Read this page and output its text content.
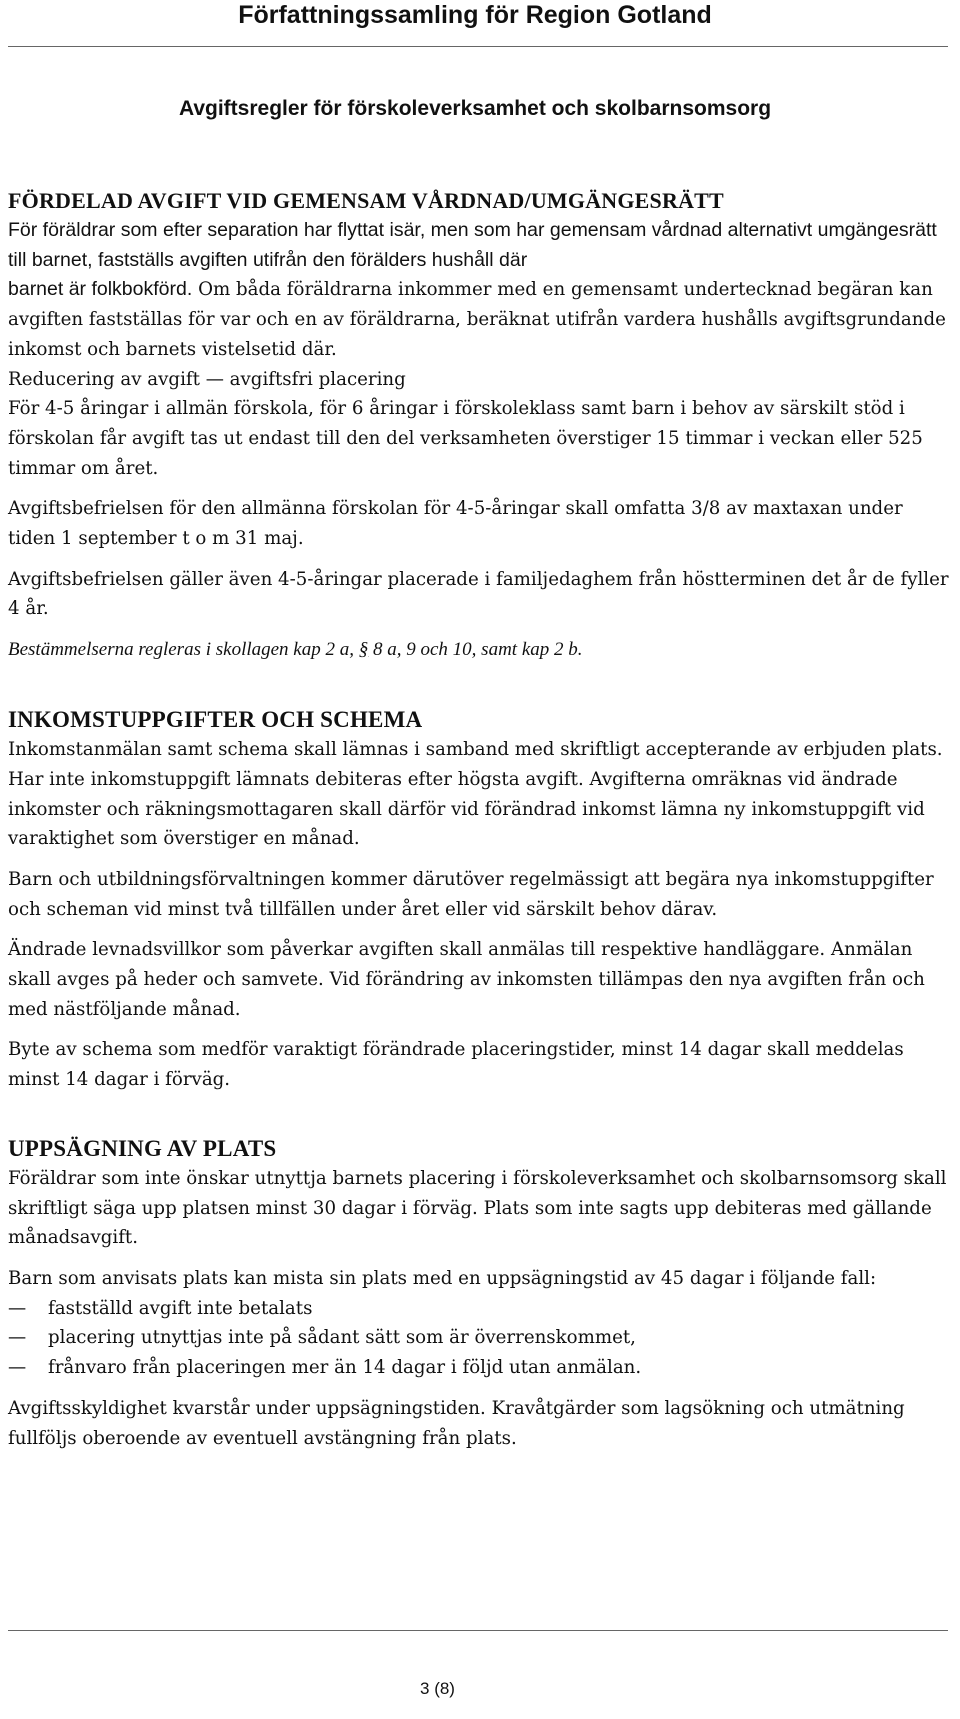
Författningssamling för Region Gotland
Avgiftsregler för förskoleverksamhet och skolbarnsomsorg
FÖRDELAD AVGIFT VID GEMENSAM VÅRDNAD/UMGÄNGESRÄTT
För föräldrar som efter separation har flyttat isär, men som har gemensam vårdnad alternativt umgängesrätt till barnet, fastställs avgiften utifrån den förälders hushåll där
barnet är folkbokförd. Om båda föräldrarna inkommer med en gemensamt undertecknad begäran kan avgiften fastställas för var och en av föräldrarna, beräknat utifrån vardera hushålls avgiftsgrundande inkomst och barnets vistelsetid där.
Reducering av avgift — avgiftsfri placering

För 4-5 åringar i allmän förskola, för 6 åringar i förskoleklass samt barn i behov av särskilt stöd i förskolan får avgift tas ut endast till den del verksamheten överstiger 15 timmar i veckan eller 525 timmar om året.

Avgiftsbefrielsen för den allmänna förskolan för 4-5-åringar skall omfatta 3/8 av maxtaxan under tiden 1 september t o m 31 maj.

Avgiftsbefrielsen gäller även 4-5-åringar placerade i familjedaghem från höstterminen det år de fyller 4 år.

Bestämmelserna regleras i skollagen kap 2 a, § 8 a, 9 och 10, samt kap 2 b.
INKOMSTUPPGIFTER OCH SCHEMA

Inkomstanmälan samt schema skall lämnas i samband med skriftligt accepterande av erbjuden plats. Har inte inkomstuppgift lämnats debiteras efter högsta avgift. Avgifterna omräknas vid ändrade inkomster och räkningsmottagaren skall därför vid förändrad inkomst lämna ny inkomstuppgift vid varaktighet som överstiger en månad.

Barn och utbildningsförvaltningen kommer därutöver regelmässigt att begära nya inkomstuppgifter och scheman vid minst två tillfällen under året eller vid särskilt behov därav.

Ändrade levnadsvillkor som påverkar avgiften skall anmälas till respektive handläggare. Anmälan skall avges på heder och samvete. Vid förändring av inkomsten tillämpas den nya avgiften från och med nästföljande månad.

Byte av schema som medför varaktigt förändrade placeringstider, minst 14 dagar skall meddelas minst 14 dagar i förväg.

UPPSÄGNING AV PLATS

Föräldrar som inte önskar utnyttja barnets placering i förskoleverksamhet och skolbarnsomsorg skall skriftligt säga upp platsen minst 30 dagar i förväg. Plats som inte sagts upp debiteras med gällande månadsavgift.

Barn som anvisats plats kan mista sin plats med en uppsägningstid av 45 dagar i följande fall:
— fastställd avgift inte betalats
— placering utnyttjas inte på sådant sätt som är överrenskommet,
— frånvaro från placeringen mer än 14 dagar i följd utan anmälan.

Avgiftsskyldighet kvarstår under uppsägningstiden. Kravåtgärder som lagsökning och utmätning fullföljs oberoende av eventuell avstängning från plats.

3 (8)
